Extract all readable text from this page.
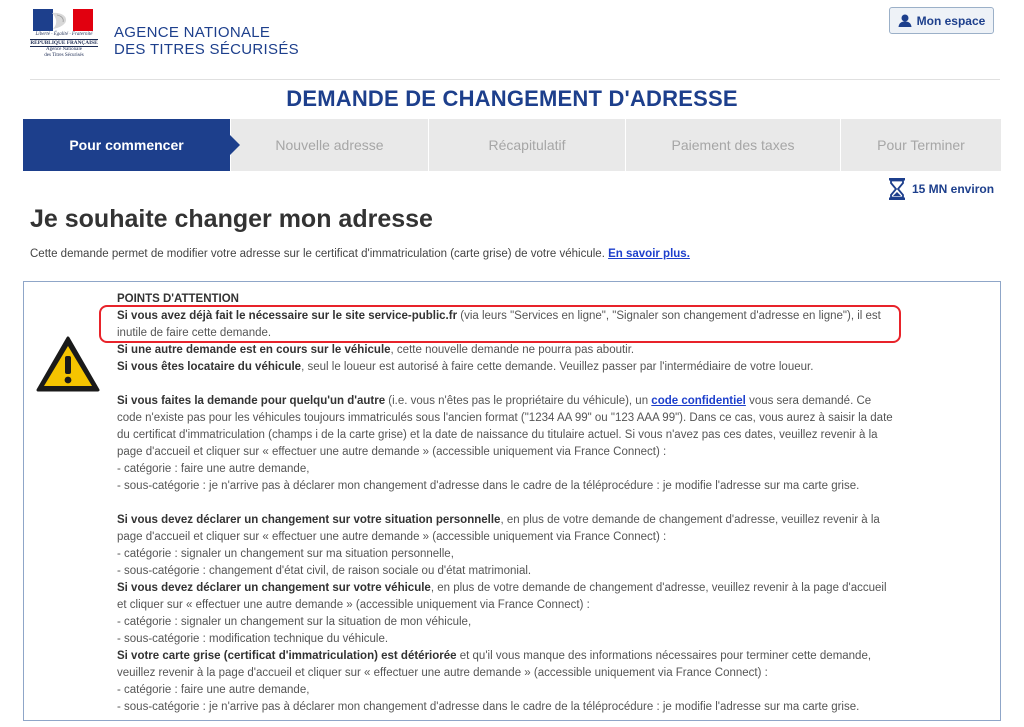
Liberté · Égalité · Fraternité
RÉPUBLIQUE FRANÇAISE
Agence Nationale
des Titres Sécurisés
AGENCE NATIONALE
DES TITRES SÉCURISÉS
Mon espace
DEMANDE DE CHANGEMENT D'ADRESSE
Pour commencer	Nouvelle adresse	Récapitulatif	Paiement des taxes	Pour Terminer
15 MN environ
Je souhaite changer mon adresse
Cette demande permet de modifier votre adresse sur le certificat d'immatriculation (carte grise) de votre véhicule. En savoir plus.
POINTS D'ATTENTION
Si vous avez déjà fait le nécessaire sur le site service-public.fr (via leurs "Services en ligne", "Signaler son changement d'adresse en ligne"), il est inutile de faire cette demande.
Si une autre demande est en cours sur le véhicule, cette nouvelle demande ne pourra pas aboutir.
Si vous êtes locataire du véhicule, seul le loueur est autorisé à faire cette demande. Veuillez passer par l'intermédiaire de votre loueur.
Si vous faites la demande pour quelqu'un d'autre (i.e. vous n'êtes pas le propriétaire du véhicule), un code confidentiel vous sera demandé. Ce code n'existe pas pour les véhicules toujours immatriculés sous l'ancien format ("1234 AA 99" ou "123 AAA 99"). Dans ce cas, vous aurez à saisir la date du certificat d'immatriculation (champs i de la carte grise) et la date de naissance du titulaire actuel. Si vous n'avez pas ces dates, veuillez revenir à la page d'accueil et cliquer sur « effectuer une autre demande » (accessible uniquement via France Connect) :
- catégorie : faire une autre demande,
- sous-catégorie : je n'arrive pas à déclarer mon changement d'adresse dans le cadre de la téléprocédure : je modifie l'adresse sur ma carte grise.
Si vous devez déclarer un changement sur votre situation personnelle, en plus de votre demande de changement d'adresse, veuillez revenir à la page d'accueil et cliquer sur « effectuer une autre demande » (accessible uniquement via France Connect) :
- catégorie : signaler un changement sur ma situation personnelle,
- sous-catégorie : changement d'état civil, de raison sociale ou d'état matrimonial.
Si vous devez déclarer un changement sur votre véhicule, en plus de votre demande de changement d'adresse, veuillez revenir à la page d'accueil et cliquer sur « effectuer une autre demande » (accessible uniquement via France Connect) :
- catégorie : signaler un changement sur la situation de mon véhicule,
- sous-catégorie : modification technique du véhicule.
Si votre carte grise (certificat d'immatriculation) est détériorée et qu'il vous manque des informations nécessaires pour terminer cette demande, veuillez revenir à la page d'accueil et cliquer sur « effectuer une autre demande » (accessible uniquement via France Connect) :
- catégorie : faire une autre demande,
- sous-catégorie : je n'arrive pas à déclarer mon changement d'adresse dans le cadre de la téléprocédure : je modifie l'adresse sur ma carte grise.
